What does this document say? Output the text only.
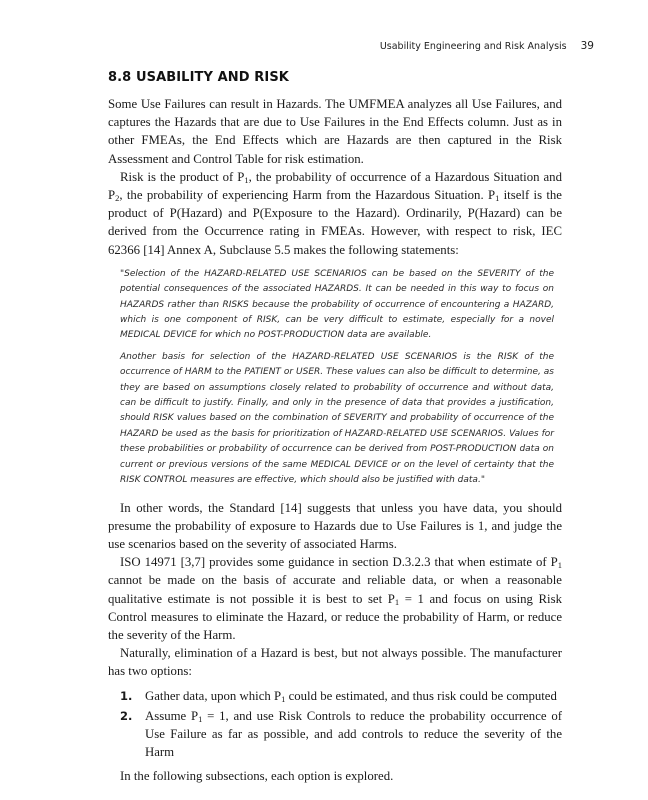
Usability Engineering and Risk Analysis 39
8.8 USABILITY AND RISK

Some Use Failures can result in Hazards. The UMFMEA analyzes all Use Failures, and captures the Hazards that are due to Use Failures in the End Effects column. Just as in other FMEAs, the End Effects which are Hazards are then captured in the Risk Assessment and Control Table for risk estimation.

Risk is the product of $P_1$, the probability of occurrence of a Hazardous Situation and $P_2$, the probability of experiencing Harm from the Hazardous Situation. $P_1$ itself is the product of P(Hazard) and P(Exposure to the Hazard). Ordinarily, P(Hazard) can be derived from the Occurrence rating in FMEAs. However, with respect to risk, IEC 62366 [14] Annex A, Subclause 5.5 makes the following statements:

"Selection of the HAZARD-RELATED USE SCENARIOS can be based on the SEVERITY of the potential consequences of the associated HAZARDS. It can be needed in this way to focus on HAZARDS rather than RISKS because the probability of occurrence of encountering a HAZARD, which is one component of RISK, can be very difficult to estimate, especially for a novel MEDICAL DEVICE for which no POST-PRODUCTION data are available.

Another basis for selection of the HAZARD-RELATED USE SCENARIOS is the RISK of the occurrence of HARM to the PATIENT or USER. These values can also be difficult to determine, as they are based on assumptions closely related to probability of occurrence and without data, can be difficult to justify. Finally, and only in the presence of data that provides a justification, should RISK values based on the combination of SEVERITY and probability of occurrence of the HAZARD be used as the basis for prioritization of HAZARD-RELATED USE SCENARIOS. Values for these probabilities or probability of occurrence can be derived from POST-PRODUCTION data on current or previous versions of the same MEDICAL DEVICE or on the level of certainty that the RISK CONTROL measures are effective, which should also be justified with data."

In other words, the Standard [14] suggests that unless you have data, you should presume the probability of exposure to Hazards due to Use Failures is 1, and judge the use scenarios based on the severity of associated Harms.

ISO 14971 [3,7] provides some guidance in section D.3.2.3 that when estimate of $P_1$ cannot be made on the basis of accurate and reliable data, or when a reasonable qualitative estimate is not possible it is best to set $P_1 = 1$ and focus on using Risk Control measures to eliminate the Hazard, or reduce the probability of Harm, or reduce the severity of the Harm.

Naturally, elimination of a Hazard is best, but not always possible. The manufacturer has two options:

1. Gather data, upon which $P_1$ could be estimated, and thus risk could be computed
2. Assume $P_1 = 1$, and use Risk Controls to reduce the probability occurrence of Use Failure as far as possible, and add controls to reduce the severity of the Harm

In the following subsections, each option is explored.
